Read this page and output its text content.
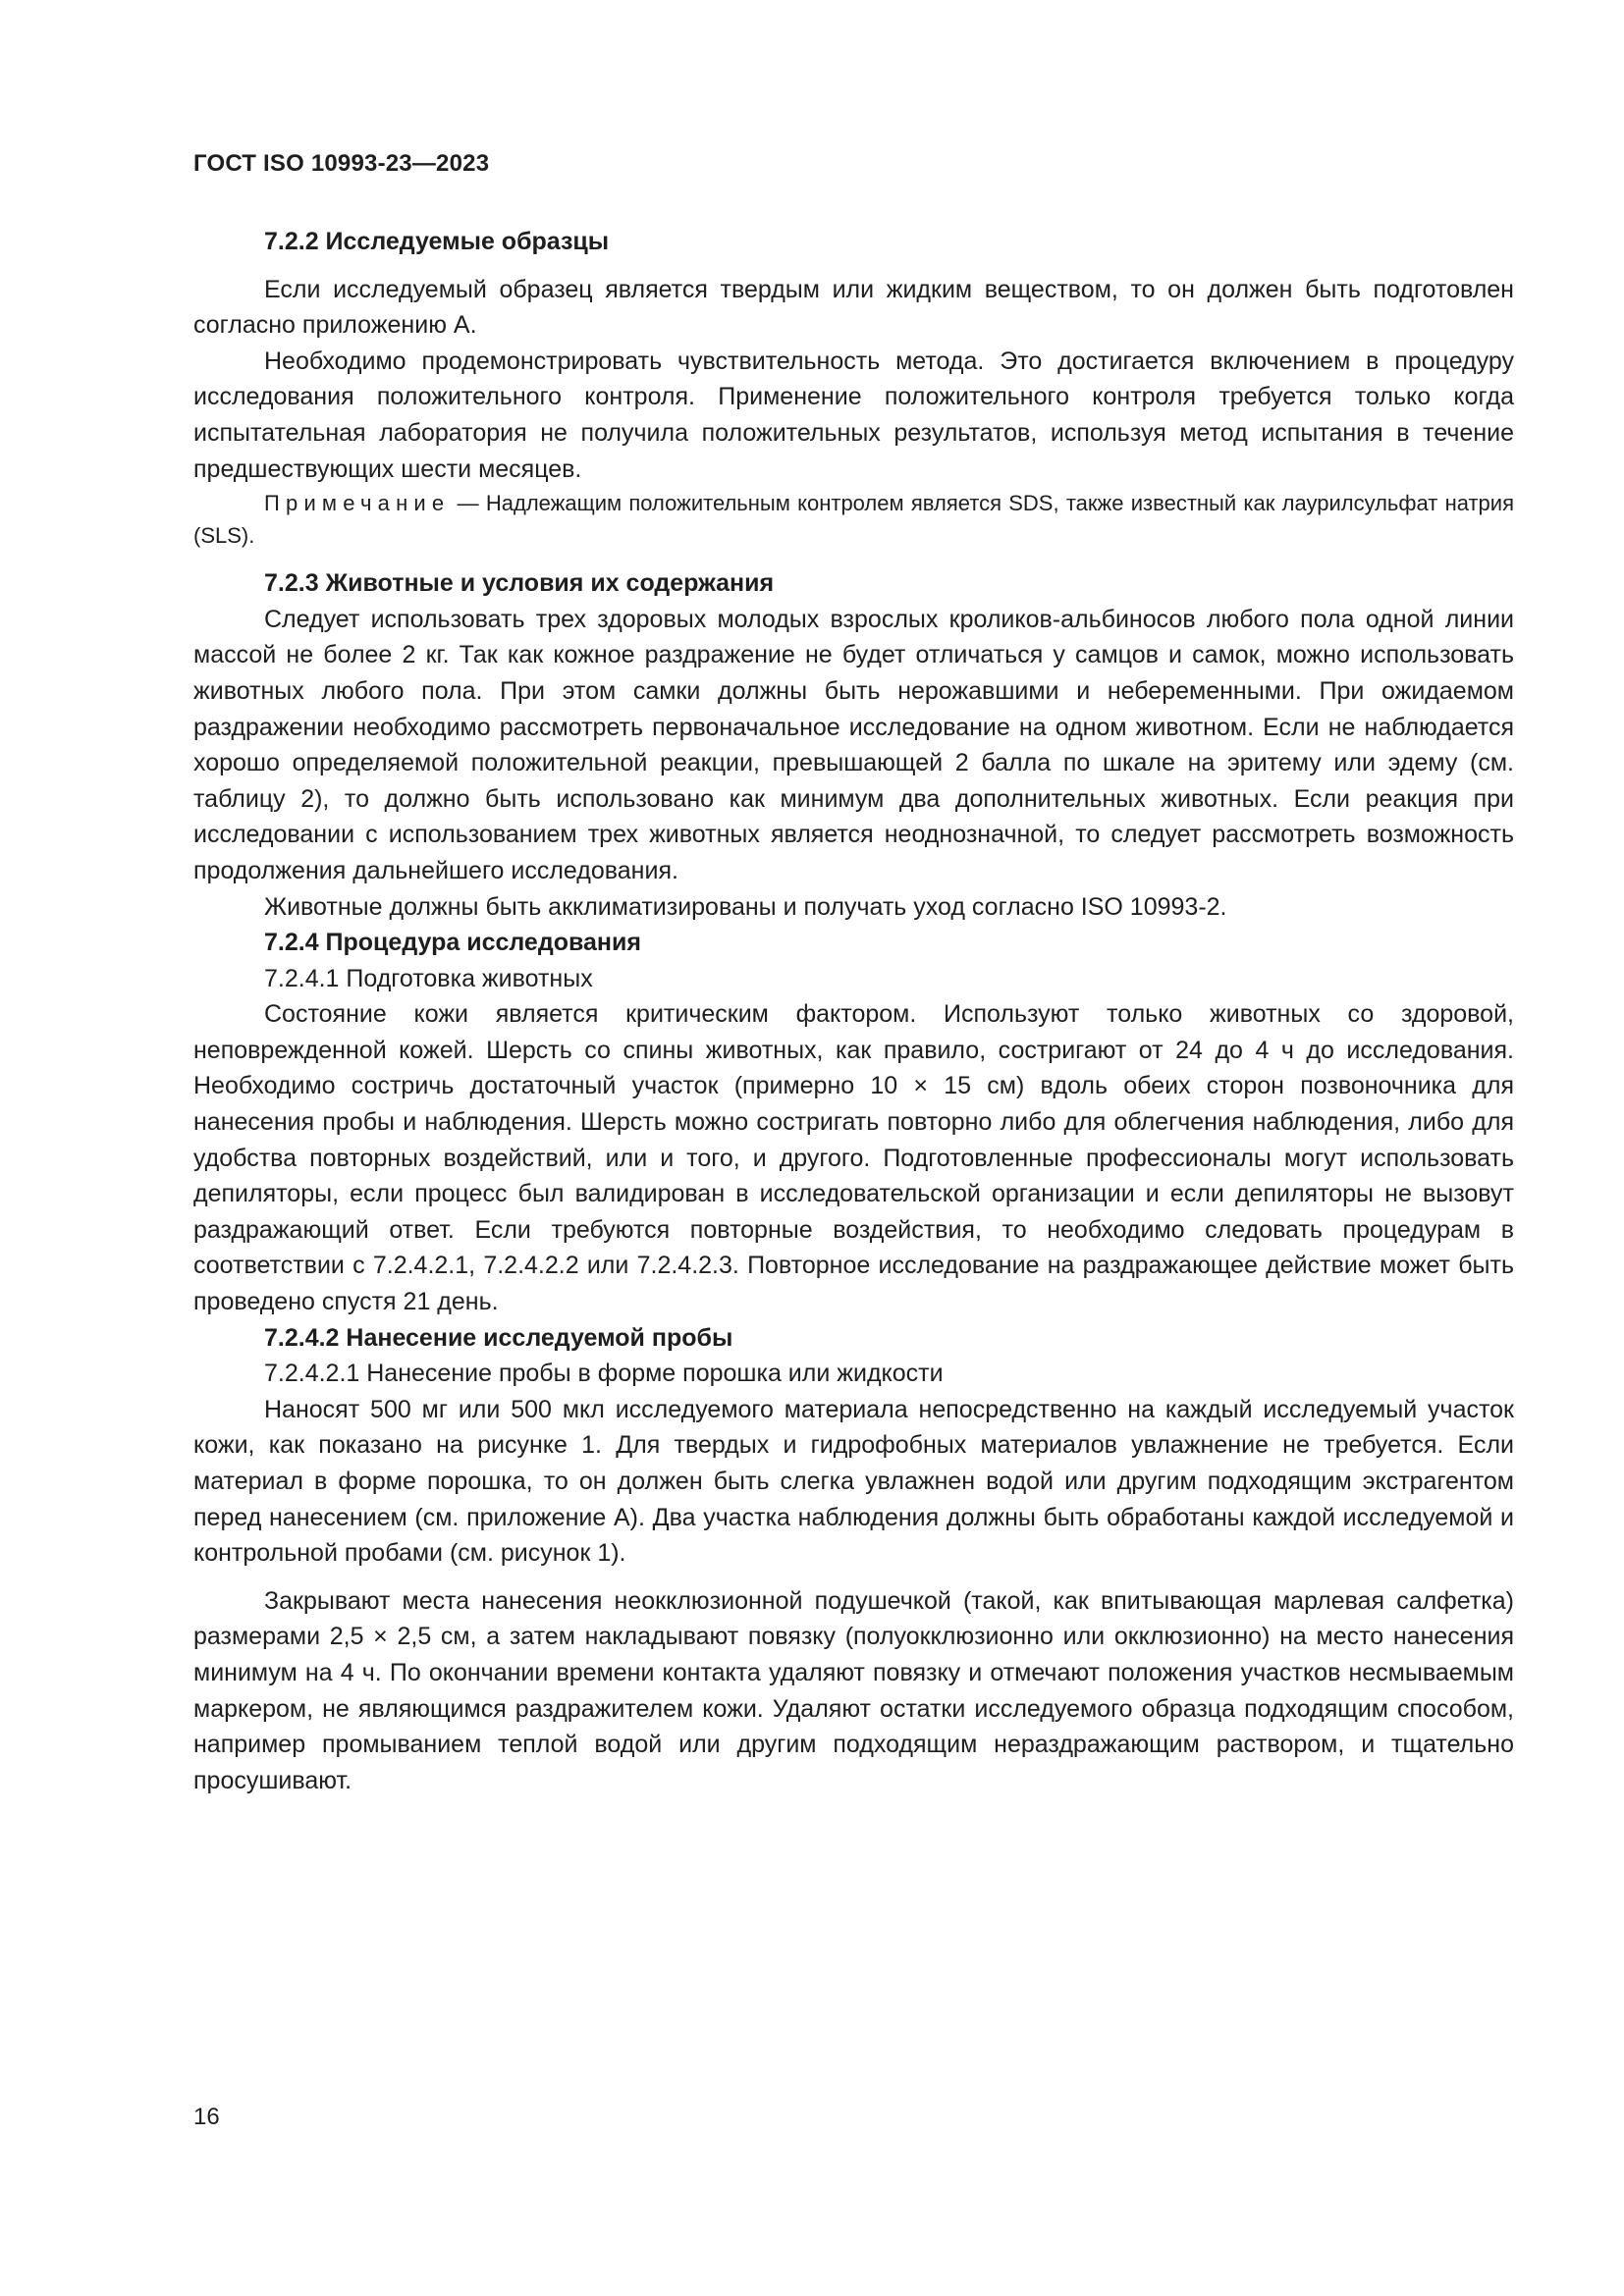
ГОСТ ISO 10993-23—2023

7.2.2 Исследуемые образцы

Если исследуемый образец является твердым или жидким веществом, то он должен быть подготовлен согласно приложению А.

Необходимо продемонстрировать чувствительность метода. Это достигается включением в процедуру исследования положительного контроля. Применение положительного контроля требуется только когда испытательная лаборатория не получила положительных результатов, используя метод испытания в течение предшествующих шести месяцев.

Примечание — Надлежащим положительным контролем является SDS, также известный как лаурилсульфат натрия (SLS).

7.2.3 Животные и условия их содержания

Следует использовать трех здоровых молодых взрослых кроликов-альбиносов любого пола одной линии массой не более 2 кг. Так как кожное раздражение не будет отличаться у самцов и самок, можно использовать животных любого пола. При этом самки должны быть нерожавшими и небеременными. При ожидаемом раздражении необходимо рассмотреть первоначальное исследование на одном животном. Если не наблюдается хорошо определяемой положительной реакции, превышающей 2 балла по шкале на эритему или эдему (см. таблицу 2), то должно быть использовано как минимум два дополнительных животных. Если реакция при исследовании с использованием трех животных является неоднозначной, то следует рассмотреть возможность продолжения дальнейшего исследования.

Животные должны быть акклиматизированы и получать уход согласно ISO 10993-2.

7.2.4 Процедура исследования

7.2.4.1 Подготовка животных

Состояние кожи является критическим фактором. Используют только животных со здоровой, неповрежденной кожей. Шерсть со спины животных, как правило, состригают от 24 до 4 ч до исследования. Необходимо состричь достаточный участок (примерно 10 × 15 см) вдоль обеих сторон позвоночника для нанесения пробы и наблюдения. Шерсть можно состригать повторно либо для облегчения наблюдения, либо для удобства повторных воздействий, или и того, и другого. Подготовленные профессионалы могут использовать депиляторы, если процесс был валидирован в исследовательской организации и если депиляторы не вызовут раздражающий ответ. Если требуются повторные воздействия, то необходимо следовать процедурам в соответствии с 7.2.4.2.1, 7.2.4.2.2 или 7.2.4.2.3. Повторное исследование на раздражающее действие может быть проведено спустя 21 день.

7.2.4.2 Нанесение исследуемой пробы

7.2.4.2.1 Нанесение пробы в форме порошка или жидкости

Наносят 500 мг или 500 мкл исследуемого материала непосредственно на каждый исследуемый участок кожи, как показано на рисунке 1. Для твердых и гидрофобных материалов увлажнение не требуется. Если материал в форме порошка, то он должен быть слегка увлажнен водой или другим подходящим экстрагентом перед нанесением (см. приложение А). Два участка наблюдения должны быть обработаны каждой исследуемой и контрольной пробами (см. рисунок 1).

Закрывают места нанесения неокклюзионной подушечкой (такой, как впитывающая марлевая салфетка) размерами 2,5 × 2,5 см, а затем накладывают повязку (полуокклюзионно или окклюзионно) на место нанесения минимум на 4 ч. По окончании времени контакта удаляют повязку и отмечают положения участков несмываемым маркером, не являющимся раздражителем кожи. Удаляют остатки исследуемого образца подходящим способом, например промыванием теплой водой или другим подходящим нераздражающим раствором, и тщательно просушивают.

16
